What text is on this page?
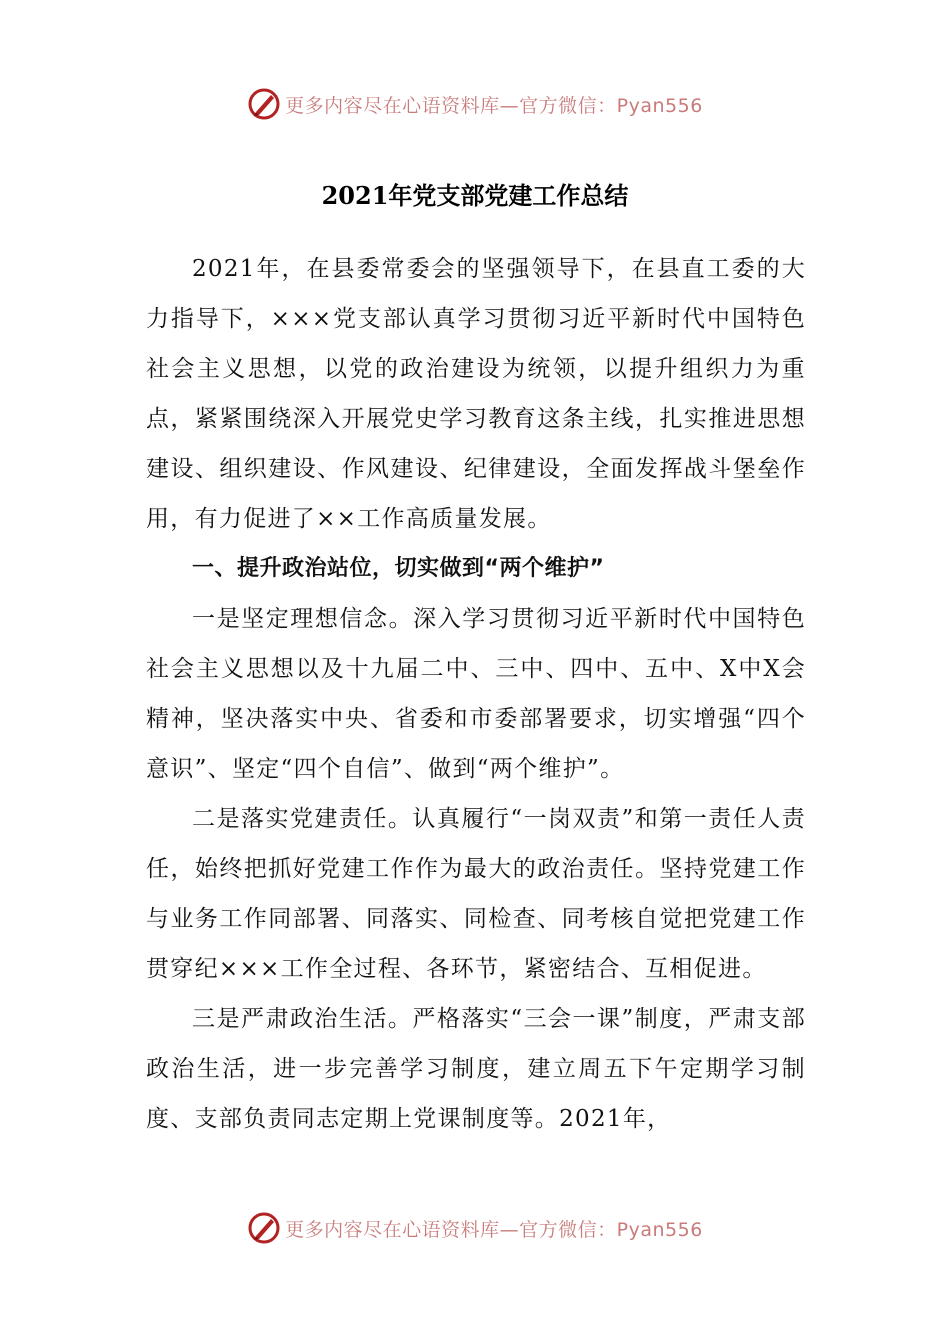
更多内容尽在心语资料库—官方微信：Pyan556
2021年党支部党建工作总结

2021年，在县委常委会的坚强领导下，在县直工委的大力指导下，×××党支部认真学习贯彻习近平新时代中国特色社会主义思想，以党的政治建设为统领，以提升组织力为重点，紧紧围绕深入开展党史学习教育这条主线，扎实推进思想建设、组织建设、作风建设、纪律建设，全面发挥战斗堡垒作用，有力促进了××工作高质量发展。

一、提升政治站位，切实做到“两个维护”

一是坚定理想信念。深入学习贯彻习近平新时代中国特色社会主义思想以及十九届二中、三中、四中、五中、X中X会精神，坚决落实中央、省委和市委部署要求，切实增强“四个意识”、坚定“四个自信”、做到“两个维护”。

二是落实党建责任。认真履行“一岗双责”和第一责任人责任，始终把抓好党建工作作为最大的政治责任。坚持党建工作与业务工作同部署、同落实、同检查、同考核自觉把党建工作贯穿纪×××工作全过程、各环节，紧密结合、互相促进。

三是严肃政治生活。严格落实“三会一课”制度，严肃支部政治生活，进一步完善学习制度，建立周五下午定期学习制度、支部负责同志定期上党课制度等。2021年，

更多内容尽在心语资料库—官方微信：Pyan556
